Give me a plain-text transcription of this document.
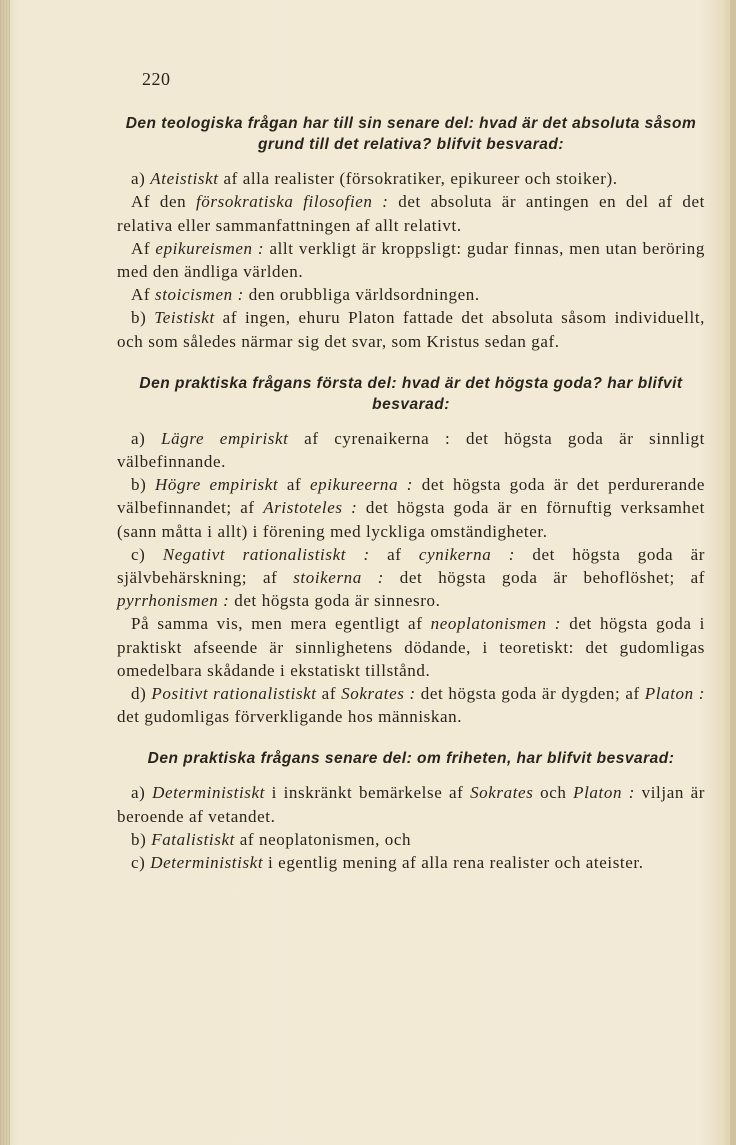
220
Den teologiska frågan har till sin senare del: hvad är det absoluta såsom grund till det relativa? blifvit besvarad:

a) Ateistiskt af alla realister (försokratiker, epikureer och stoiker).

Af den försokratiska filosofien : det absoluta är antingen en del af det relativa eller sammanfattningen af allt relativt.

Af epikureismen : allt verkligt är kroppsligt: gudar finnas, men utan beröring med den ändliga världen.

Af stoicismen : den orubbliga världsordningen.

b) Teistiskt af ingen, ehuru Platon fattade det absoluta såsom individuellt, och som således närmar sig det svar, som Kristus sedan gaf.

Den praktiska frågans första del: hvad är det högsta goda? har blifvit besvarad:

a) Lägre empiriskt af cyrenaikerna : det högsta goda är sinnligt välbefinnande.

b) Högre empiriskt af epikureerna : det högsta goda är det perdurerande välbefinnandet; af Aristoteles : det högsta goda är en förnuftig verksamhet (sann måtta i allt) i förening med lyckliga omständigheter.

c) Negativt rationalistiskt : af cynikerna : det högsta goda är självbehärskning; af stoikerna : det högsta goda är behoflöshet; af pyrrhonismen : det högsta goda är sinnesro.

På samma vis, men mera egentligt af neoplatonismen : det högsta goda i praktiskt afseende är sinnlighetens dödande, i teoretiskt: det gudomligas omedelbara skådande i ekstatiskt tillstånd.

d) Positivt rationalistiskt af Sokrates : det högsta goda är dygden; af Platon : det gudomligas förverkligande hos människan.

Den praktiska frågans senare del: om friheten, har blifvit besvarad:

a) Deterministiskt i inskränkt bemärkelse af Sokrates och Platon : viljan är beroende af vetandet.

b) Fatalistiskt af neoplatonismen, och

c) Deterministiskt i egentlig mening af alla rena realister och ateister.
